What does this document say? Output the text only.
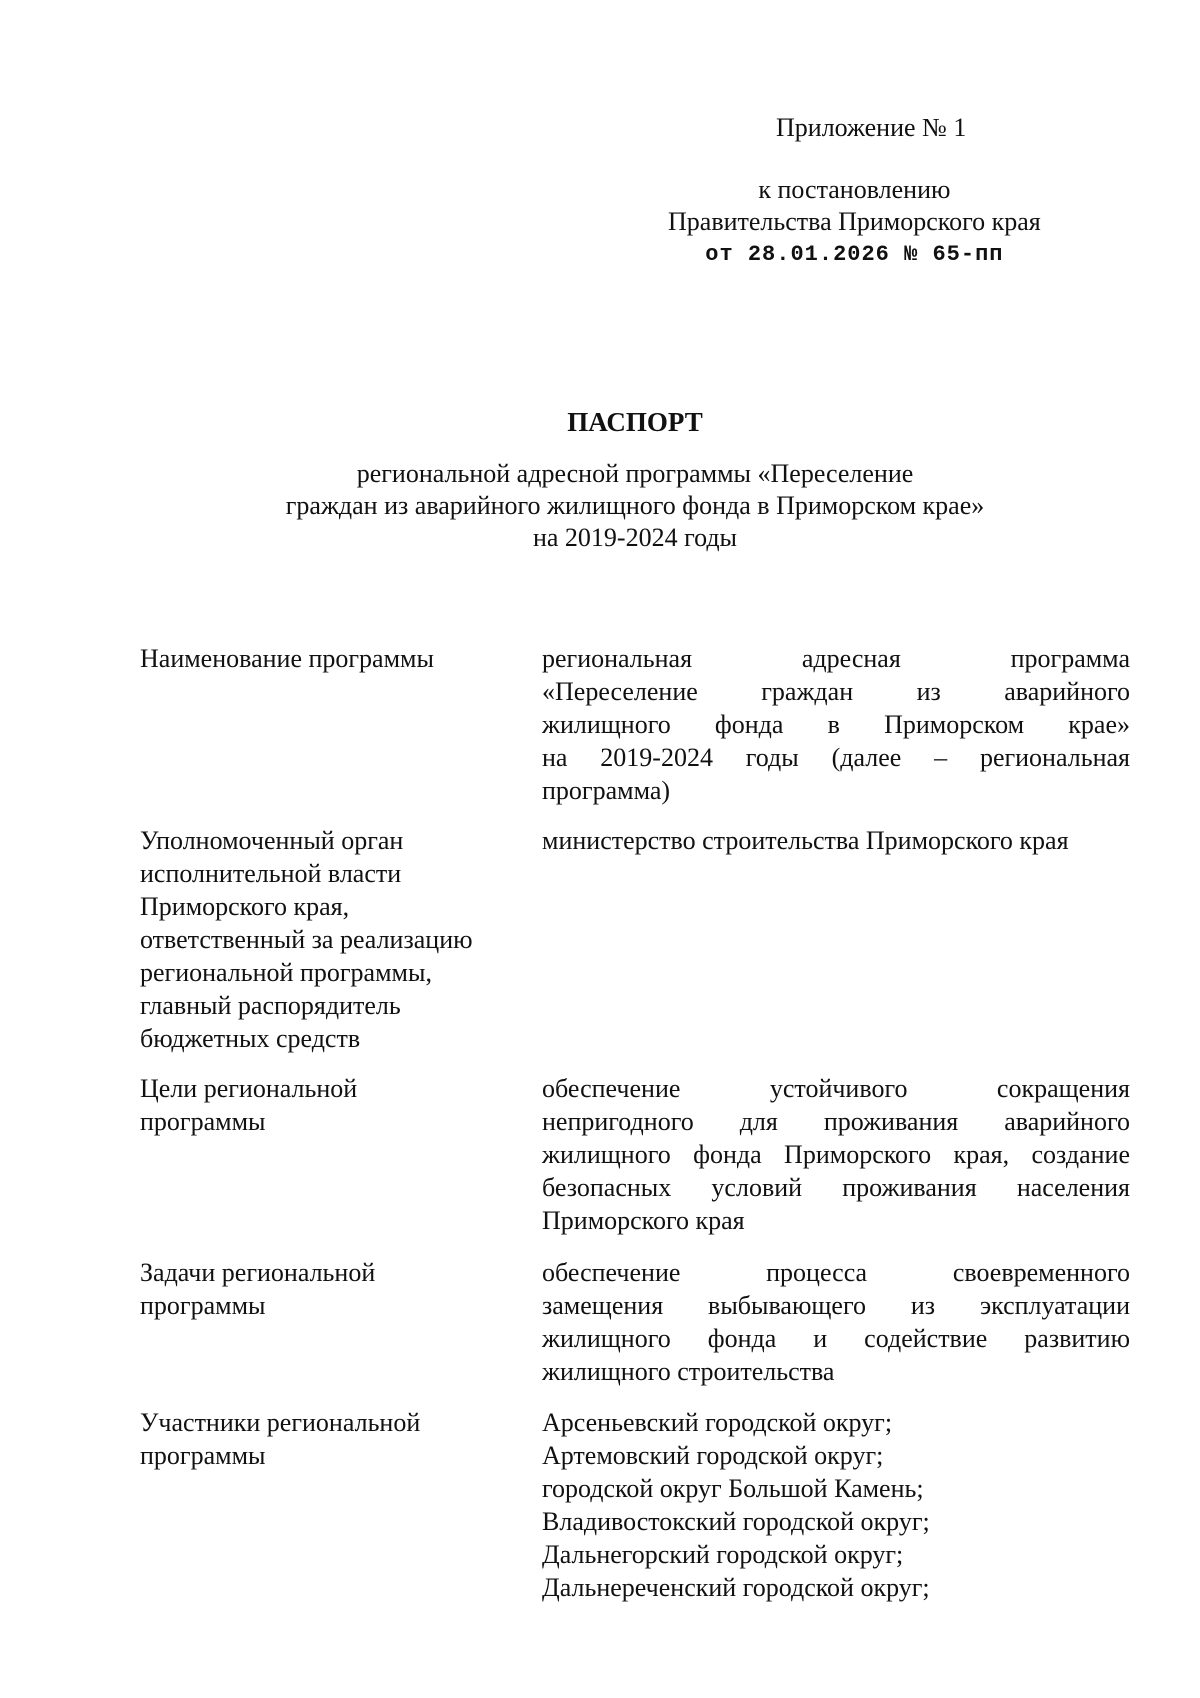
Приложение № 1
к постановлению
Правительства Приморского края
от 28.01.2026 № 65-пп
ПАСПОРТ
региональной адресной программы «Переселение
граждан из аварийного жилищного фонда в Приморском крае»
на 2019-2024 годы
Наименование программы	региональная адресная программа
«Переселение граждан из аварийного
жилищного фонда в Приморском крае»
на 2019-2024 годы (далее – региональная
программа)
Уполномоченный орган
исполнительной власти
Приморского края,
ответственный за реализацию
региональной программы,
главный распорядитель
бюджетных средств
министерство строительства Приморского края
Цели региональной
программы
обеспечение устойчивого сокращения
непригодного для проживания аварийного
жилищного фонда Приморского края, создание
безопасных условий проживания населения
Приморского края
Задачи региональной
программы
обеспечение процесса своевременного
замещения выбывающего из эксплуатации
жилищного фонда и содействие развитию
жилищного строительства
Участники региональной
программы
Арсеньевский городской округ;
Артемовский городской округ;
городской округ Большой Камень;
Владивостокский городской округ;
Дальнегорский городской округ;
Дальнереченский городской округ;
